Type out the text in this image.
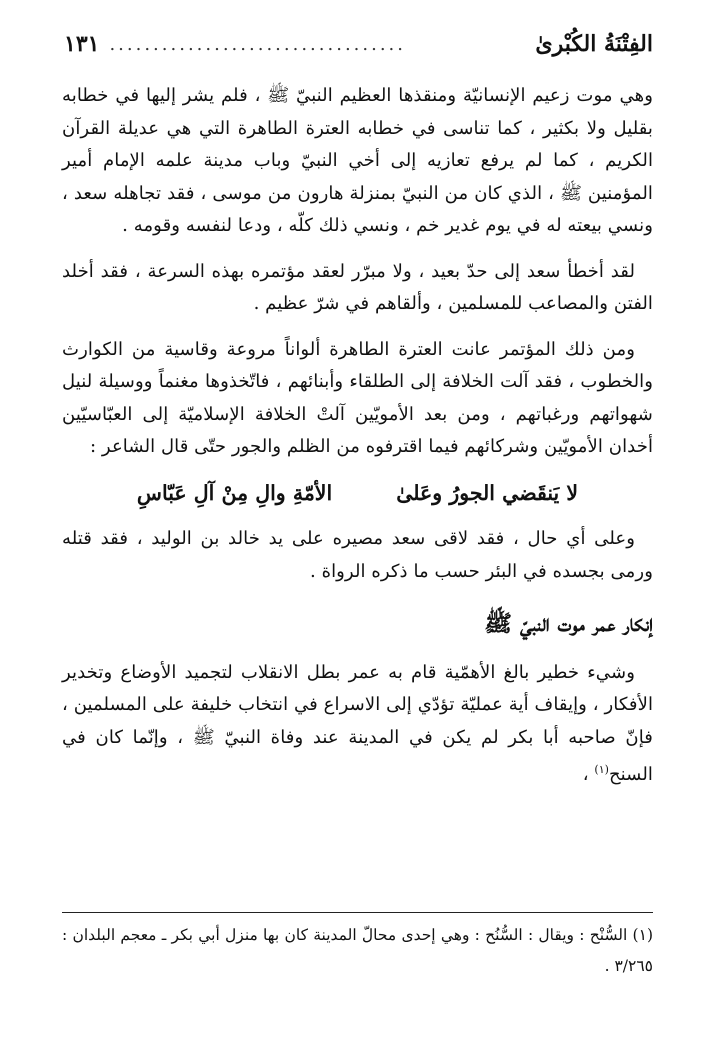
الفِتْنَةُ الكُبْرىٰ
..................................
١٣١

وهي موت زعيم الإنسانيّة ومنقذها العظيم النبيّ ﷺ ، فلم يشر إليها في خطابه بقليل ولا بكثير ، كما تناسى في خطابه العترة الطاهرة التي هي عديلة القرآن الكريم ، كما لم يرفع تعازيه إلى أخي النبيّ وباب مدينة علمه الإمام أمير المؤمنين ﷺ ، الذي كان من النبيّ بمنزلة هارون من موسى ، فقد تجاهله سعد ، ونسي بيعته له في يوم غدير خم ، ونسي ذلك كلّه ، ودعا لنفسه وقومه .

لقد أخطأ سعد إلى حدّ بعيد ، ولا مبرّر لعقد مؤتمره بهذه السرعة ، فقد أخلد الفتن والمصاعب للمسلمين ، وألقاهم في شرّ عظيم .

ومن ذلك المؤتمر عانت العترة الطاهرة ألواناً مروعة وقاسية من الكوارث والخطوب ، فقد آلت الخلافة إلى الطلقاء وأبنائهم ، فاتّخذوها مغنماً ووسيلة لنيل شهواتهم ورغباتهم ، ومن بعد الأمويّين آلتْ الخلافة الإسلاميّة إلى العبّاسيّين أخدان الأمويّين وشركائهم فيما اقترفوه من الظلم والجور حتّى قال الشاعر :

لا يَنقَضي الجورُ وعَلىٰ
الأمّةِ والِ مِنْ آلِ عَبّاسِ

وعلى أي حال ، فقد لاقى سعد مصيره على يد خالد بن الوليد ، فقد قتله ورمى بجسده في البئر حسب ما ذكره الرواة .

إنكار عمر موت النبيّ ﷺ

وشيء خطير بالغ الأهمّية قام به عمر بطل الانقلاب لتجميد الأوضاع وتخدير الأفكار ، وإيقاف أية عمليّة تؤدّي إلى الاسراع في انتخاب خليفة على المسلمين ، فإنّ صاحبه أبا بكر لم يكن في المدينة عند وفاة النبيّ ﷺ ، وإنّما كان في السنح$^{(١)}$ ،

(١) السُّنْح : ويقال : السُّنُح : وهي إحدى محالّ المدينة كان بها منزل أبي بكر ـ معجم البلدان : ٣/٢٦٥ .
